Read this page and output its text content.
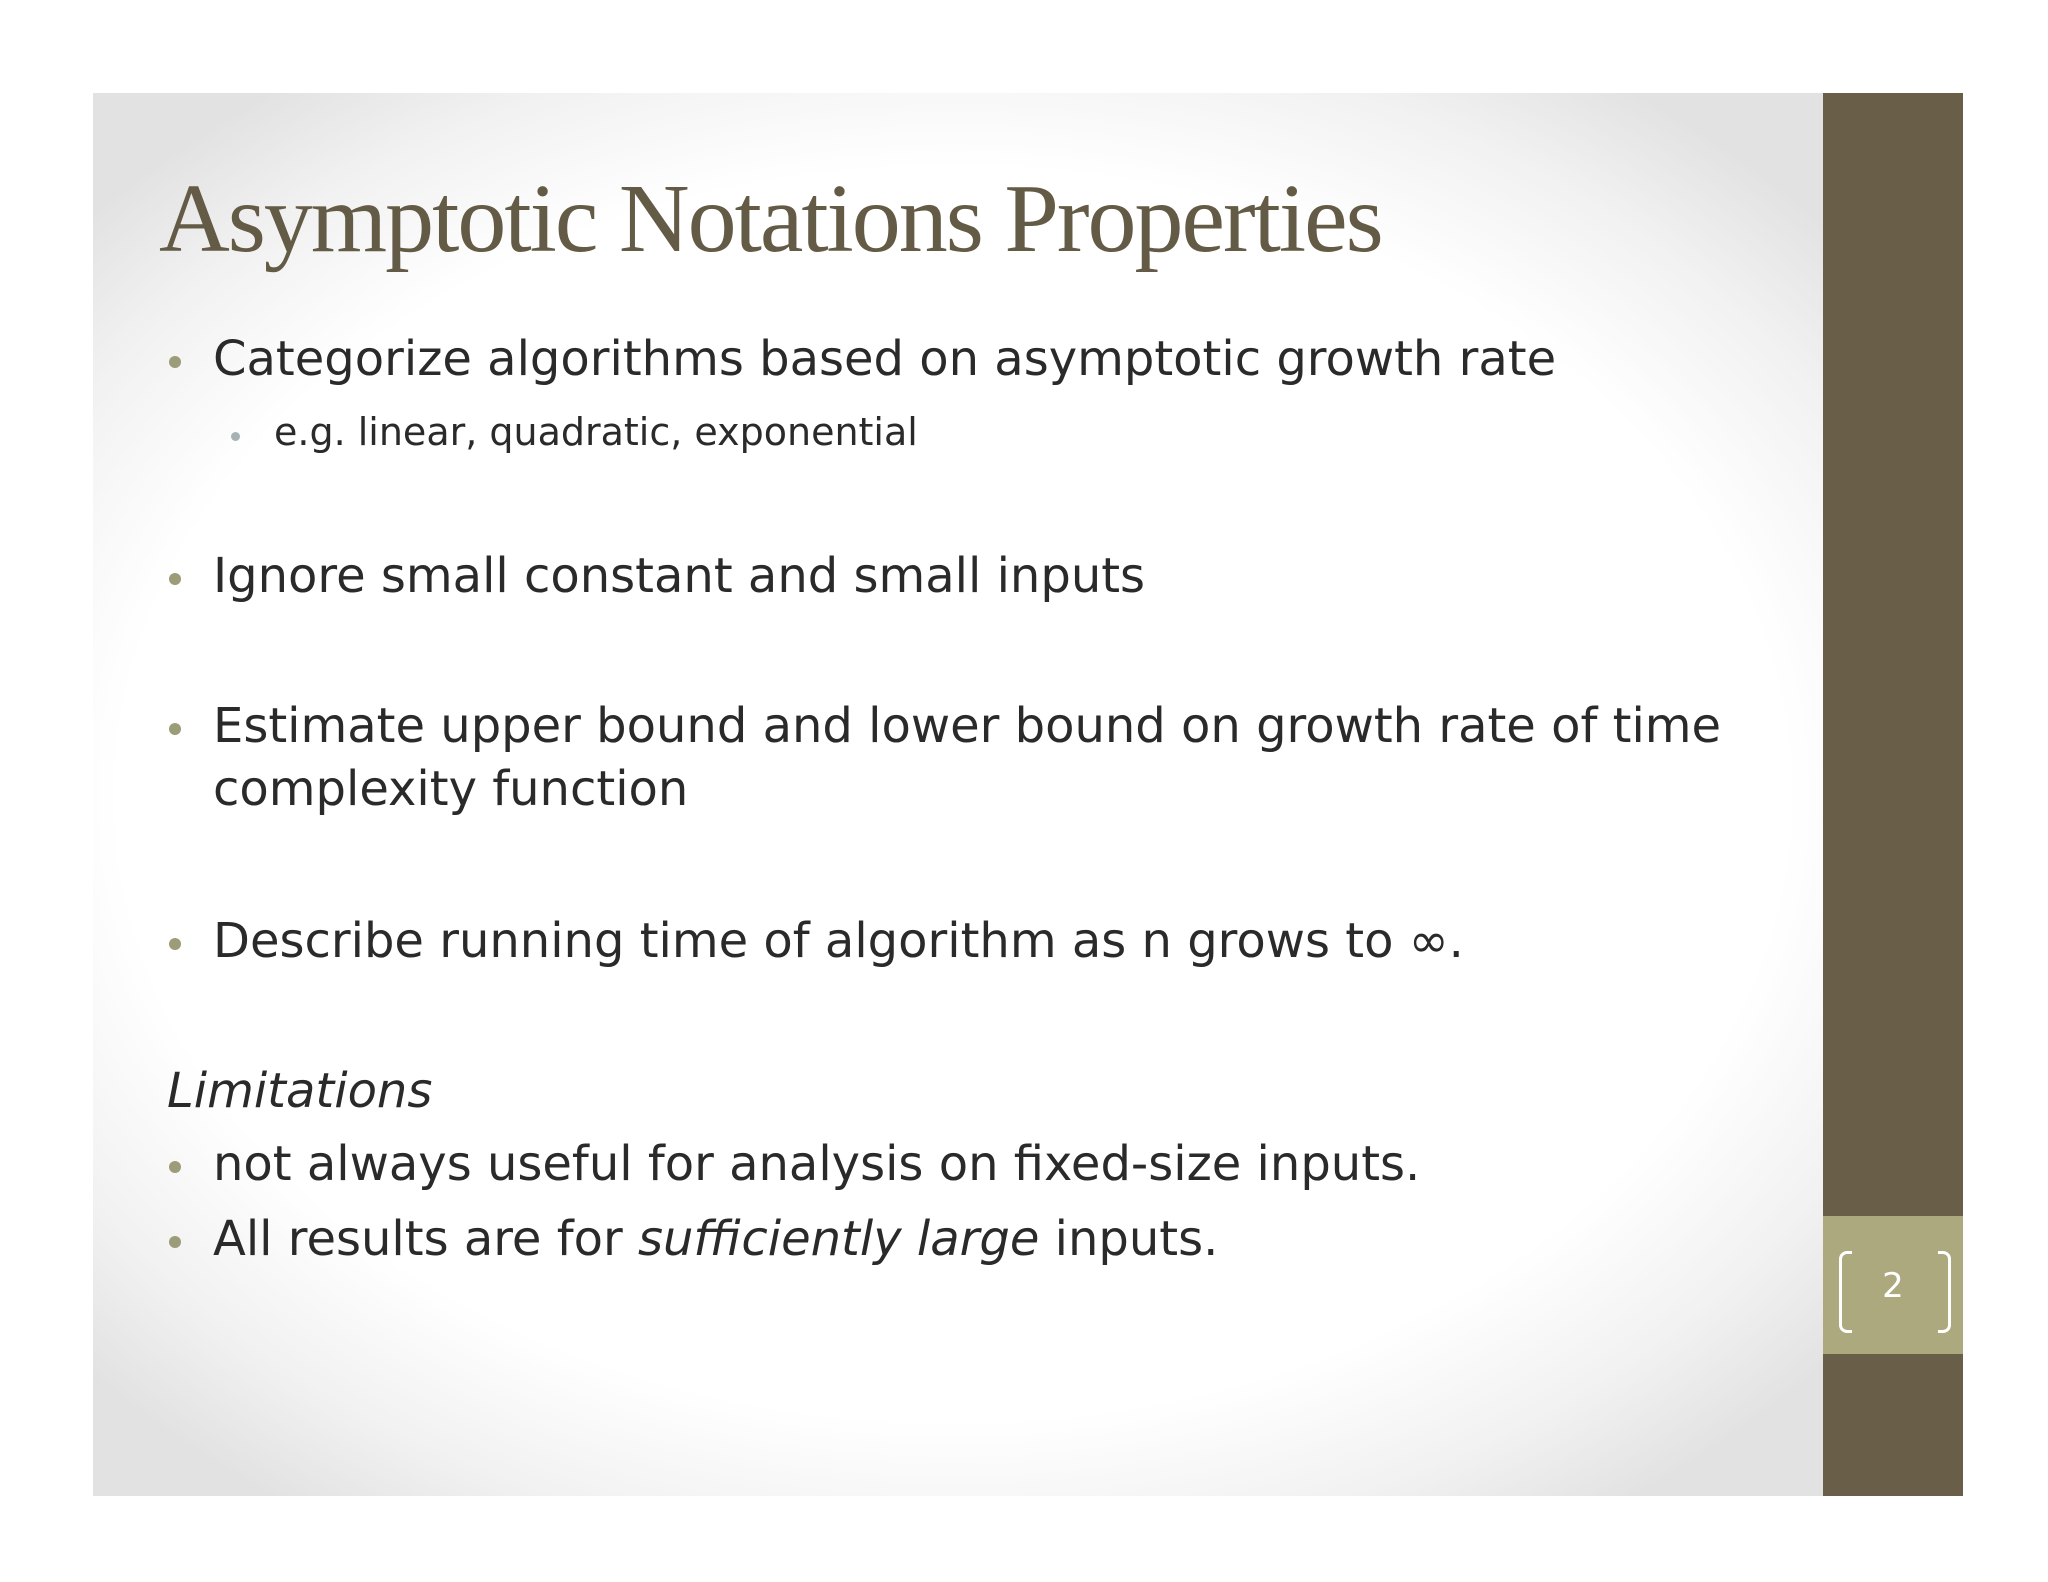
Asymptotic Notations Properties
Categorize algorithms based on asymptotic growth rate
e.g. linear, quadratic, exponential
Ignore small constant and small inputs
Estimate upper bound and lower bound on growth rate of time
complexity function
Describe running time of algorithm as n grows to ∞.
Limitations
not always useful for analysis on fixed-size inputs.
All results are for sufficiently large inputs.
2
